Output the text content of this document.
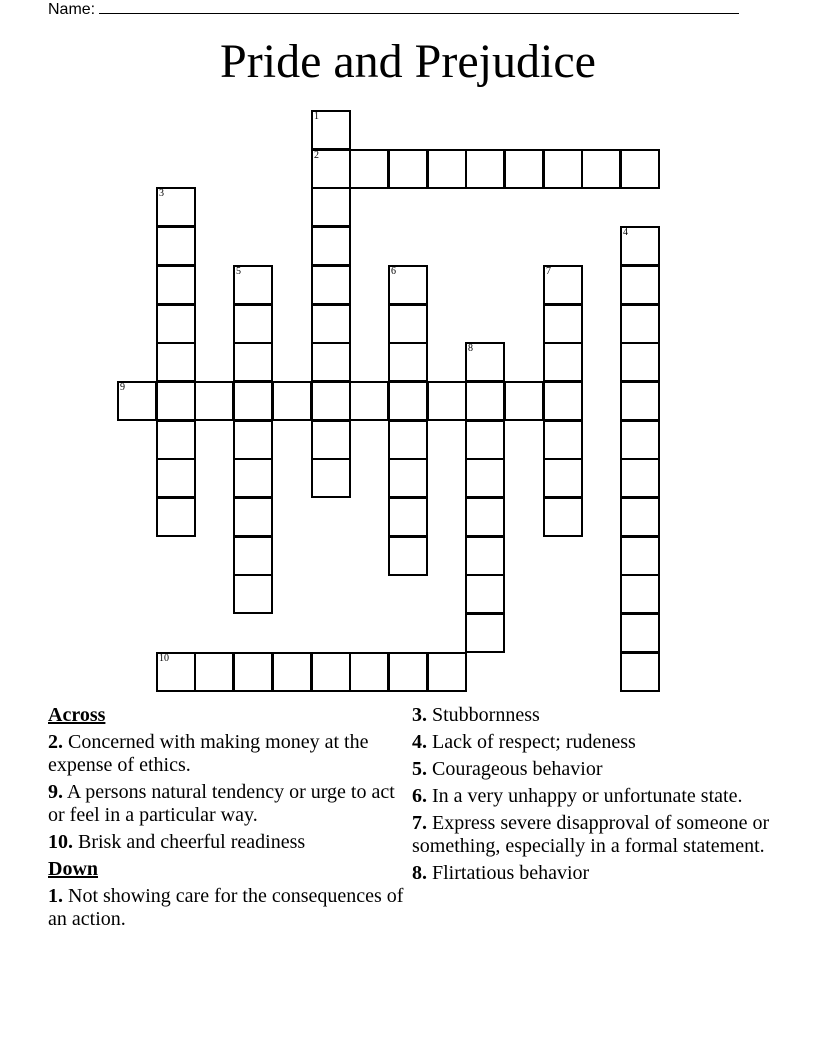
Name:
Pride and Prejudice
1
2
3
4
5	6	7
8
9
10
Across
2. Concerned with making money at the expense of ethics.
9. A persons natural tendency or urge to act or feel in a particular way.
10. Brisk and cheerful readiness
Down
1. Not showing care for the consequences of an action.
3. Stubbornness
4. Lack of respect; rudeness
5. Courageous behavior
6. In a very unhappy or unfortunate state.
7. Express severe disapproval of someone or something, especially in a formal statement.
8. Flirtatious behavior
